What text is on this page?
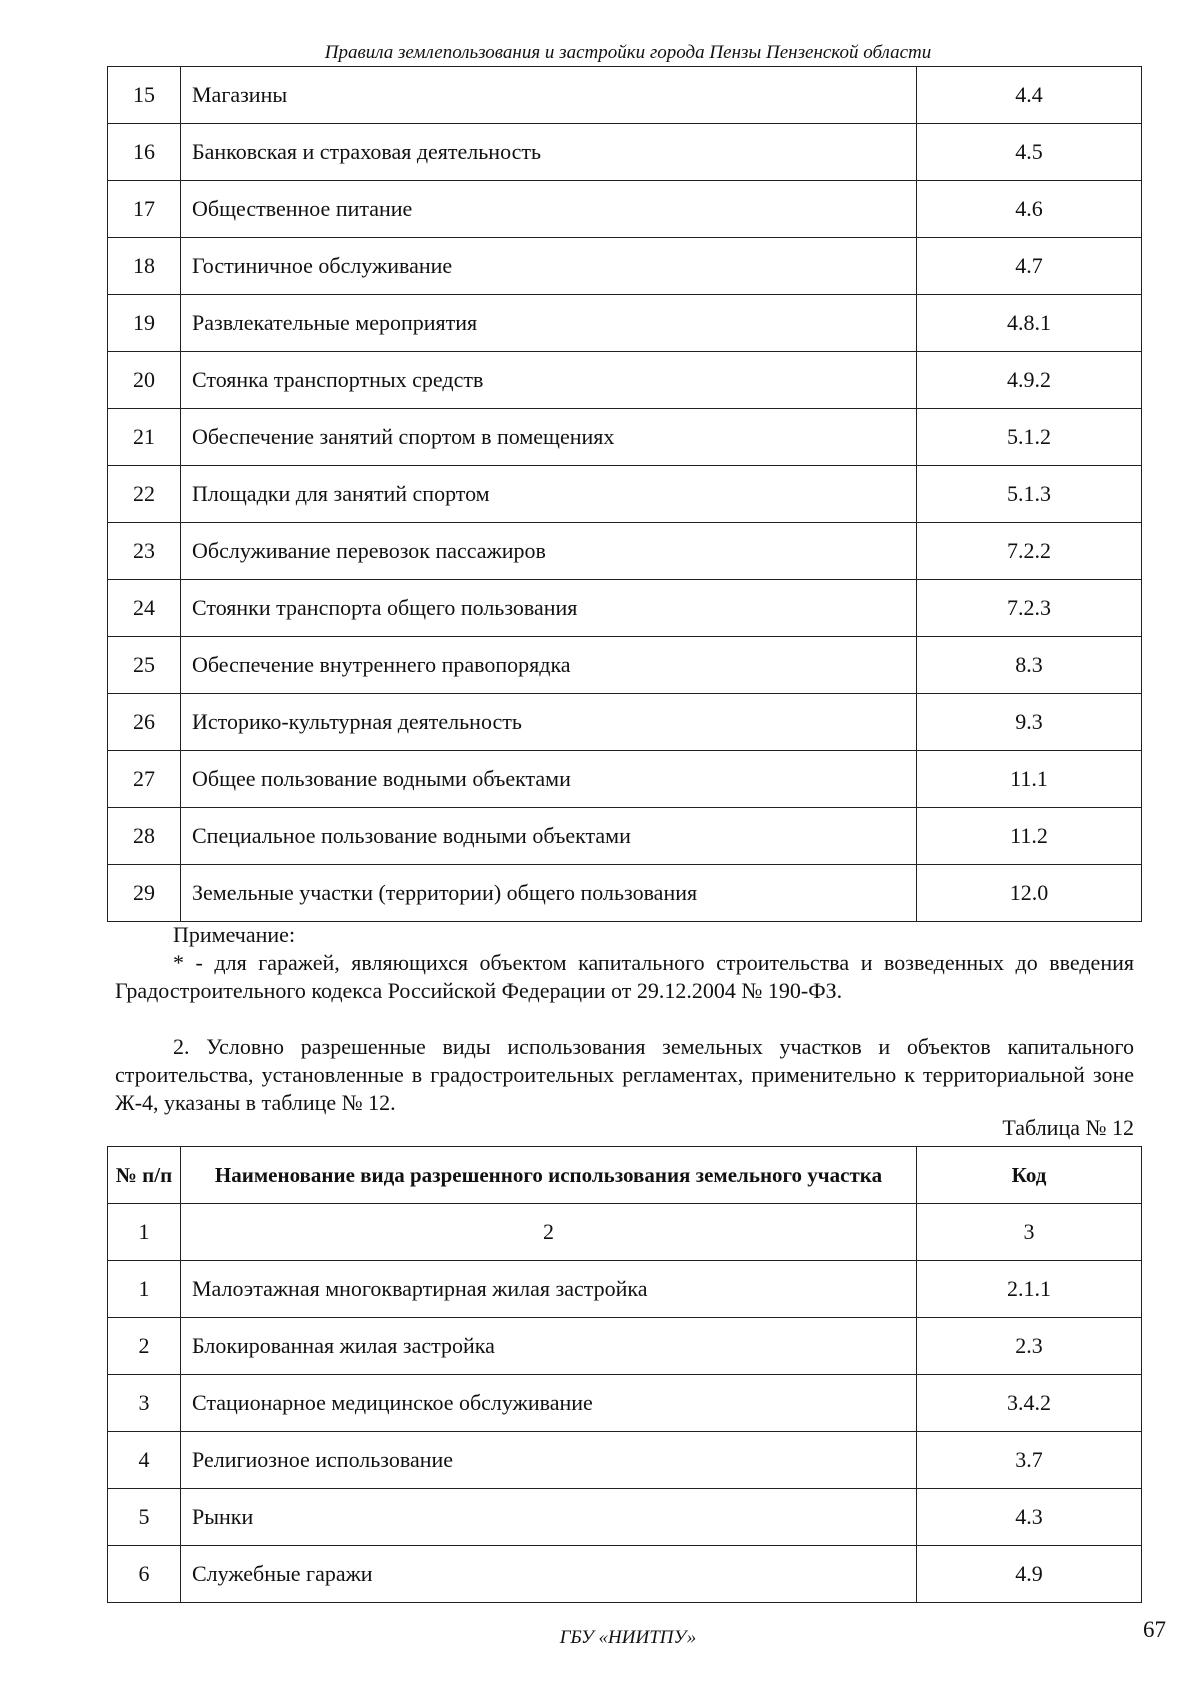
Правила землепользования и застройки города Пензы Пензенской области
15	Магазины	4.4
16	Банковская и страховая деятельность	4.5
17	Общественное питание	4.6
18	Гостиничное обслуживание	4.7
19	Развлекательные мероприятия	4.8.1
20	Стоянка транспортных средств	4.9.2
21	Обеспечение занятий спортом в помещениях	5.1.2
22	Площадки для занятий спортом	5.1.3
23	Обслуживание перевозок пассажиров	7.2.2
24	Стоянки транспорта общего пользования	7.2.3
25	Обеспечение внутреннего правопорядка	8.3
26	Историко-культурная деятельность	9.3
27	Общее пользование водными объектами	11.1
28	Специальное пользование водными объектами	11.2
29	Земельные участки (территории) общего пользования	12.0
Примечание:
* - для гаражей, являющихся объектом капитального строительства и возведенных до введения Градостроительного кодекса Российской Федерации от 29.12.2004 № 190-ФЗ.
2. Условно разрешенные виды использования земельных участков и объектов капитального строительства, установленные в градостроительных регламентах, применительно к территориальной зоне Ж-4, указаны в таблице № 12.
Таблица № 12
№ п/п	Наименование вида разрешенного использования земельного участка	Код
1	2	3
1	Малоэтажная многоквартирная жилая застройка	2.1.1
2	Блокированная жилая застройка	2.3
3	Стационарное медицинское обслуживание	3.4.2
4	Религиозное использование	3.7
5	Рынки	4.3
6	Служебные гаражи	4.9
ГБУ «НИИТПУ»	67
